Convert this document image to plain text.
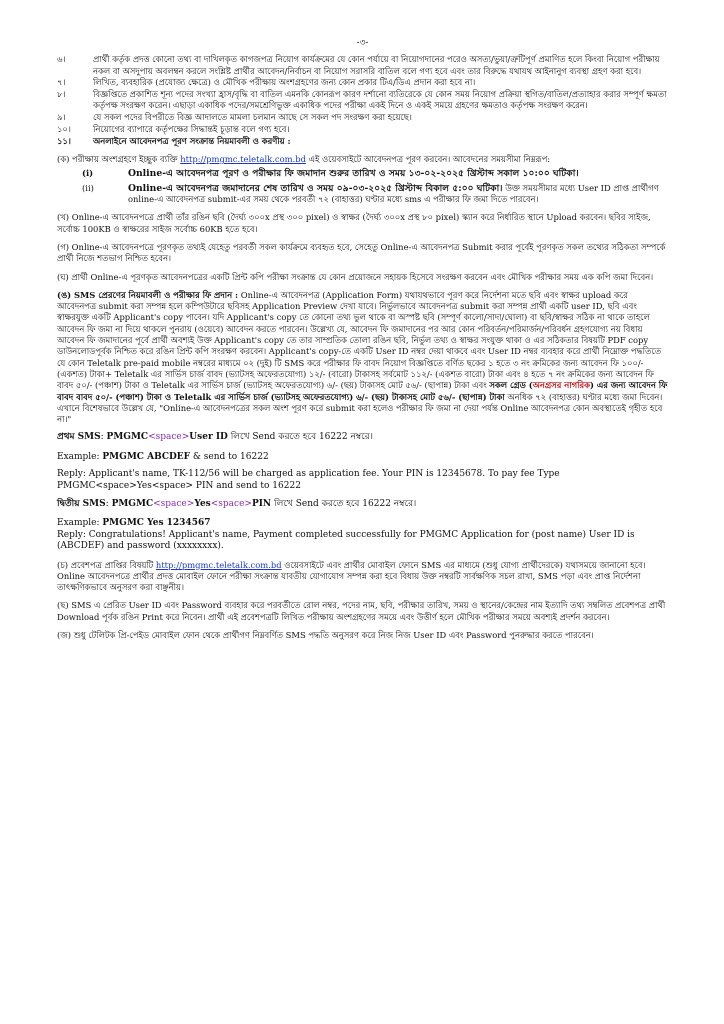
-৩-
৬।	প্রার্থী কর্তৃক প্রদত্ত কোনো তথ্য বা দাখিলকৃত কাগজপত্র নিয়োগ কার্যক্রমের যে কোন পর্যায়ে বা নিয়োগদানের পরেও অসত্য/ভুয়া/ত্রুটিপূর্ণ প্রমাণিত হলে কিংবা নিয়োগ পরীক্ষায় নকল বা অসদুপায় অবলম্বন করলে সংশ্লিষ্ট প্রার্থীর আবেদন/নির্বাচন বা নিয়োগ সরাসরি বাতিল বলে গণ্য হবে এবং তার বিরুদ্ধে যথাযথ আইনানুগ ব্যবস্থা গ্রহণ করা হবে।
৭।	লিখিত, ব্যবহারিক (প্রযোজ্য ক্ষেত্রে) ও মৌখিক পরীক্ষায় অংশগ্রহণের জন্য কোন প্রকার টিএ/ডিএ প্রদান করা হবে না।
৮।	বিজ্ঞপ্তিতে প্রকাশিত শূন্য পদের সংখ্যা হ্রাস/বৃদ্ধি বা বাতিল এমনকি কোনরূপ কারণ দর্শানো ব্যতিরেকে যে কোন সময় নিয়োগ প্রক্রিয়া স্থগিত/বাতিল/প্রত্যাহার করার সম্পূর্ণ ক্ষমতা কর্তৃপক্ষ সংরক্ষণ করেন। এছাড়া একাধিক পদের/সমশ্রেণিভুক্ত একাধিক পদের পরীক্ষা একই দিনে ও একই সময়ে গ্রহণের ক্ষমতাও কর্তৃপক্ষ সংরক্ষণ করেন।
৯।	যে সকল পদের বিপরীতে বিজ্ঞ আদালতে মামলা চলমান আছে সে সকল পদ সংরক্ষণ করা হয়েছে।
১০।	নিয়োগের ব্যাপারে কর্তৃপক্ষের সিদ্ধান্তই চূড়ান্ত বলে গণ্য হবে।
১১।	অনলাইনে আবেদনপত্র পূরণ সংক্রান্ত নিয়মাবলী ও করণীয় :

(ক) পরীক্ষায় অংশগ্রহণে ইচ্ছুক ব্যক্তি http://pmgmc.teletalk.com.bd এই ওয়েবসাইটে আবেদনপত্র পূরণ করবেন। আবেদনের সময়সীমা নিম্নরূপ:

(i)	Online-এ আবেদনপত্র পূরণ ও পরীক্ষার ফি জমাদান শুরুর তারিখ ও সময় ১৩-০২-২০২৫ খ্রিস্টাব্দ সকাল ১০:০০ ঘটিকা।
(ii)	Online-এ আবেদনপত্র জমাদানের শেষ তারিখ ও সময় ০৯-০৩-২০২৫ খ্রিস্টাব্দ বিকাল ৫:০০ ঘটিকা। উক্ত সময়সীমার মধ্যে User ID প্রাপ্ত প্রার্থীগণ online-এ আবেদনপত্র submit-এর সময় থেকে পরবর্তী ৭২ (বাহাত্তর) ঘণ্টার মধ্যে sms এ পরীক্ষার ফি জমা দিতে পারবেন।

(খ) Online-এ আবেদনপত্রে প্রার্থী তাঁর রঙিন ছবি (দৈর্ঘ্য ৩০০x প্রস্থ ৩০০ pixel) ও স্বাক্ষর (দৈর্ঘ্য ৩০০x প্রস্থ ৮০ pixel) স্ক্যান করে নির্ধারিত স্থানে Upload করবেন। ছবির সাইজ, সর্বোচ্চ 100KB ও স্বাক্ষরের সাইজ সর্বোচ্চ 60KB হতে হবে।

(গ) Online-এ আবেদনপত্রে পূরণকৃত তথ্যই যেহেতু পরবর্তী সকল কার্যক্রমে ব্যবহৃত হবে, সেহেতু Online-এ আবেদনপত্র Submit করার পূর্বেই পূরণকৃত সকল তথ্যের সঠিকতা সম্পর্কে প্রার্থী নিজে শতভাগ নিশ্চিত হবেন।

(ঘ) প্রার্থী Online-এ পূরণকৃত আবেদনপত্রের একটি প্রিন্ট কপি পরীক্ষা সংক্রান্ত যে কোন প্রয়োজনে সহায়ক হিসেবে সংরক্ষণ করবেন এবং মৌখিক পরীক্ষার সময় এক কপি জমা দিবেন।

(ঙ) SMS প্রেরণের নিয়মাবলী ও পরীক্ষার ফি প্রদান : Online-এ আবেদনপত্র (Application Form) যথাযথভাবে পূরণ করে নির্দেশনা মতে ছবি এবং স্বাক্ষর upload করে আবেদনপত্র submit করা সম্পন্ন হলে কম্পিউটারে ছবিসহ Application Preview দেখা যাবে। নির্ভুলভাবে আবেদনপত্র submit করা সম্পন্ন প্রার্থী একটি user ID, ছবি এবং স্বাক্ষরযুক্ত একটি Applicant's copy পাবেন। যদি Applicant's copy তে কোনো তথ্য ভুল থাকে বা অস্পষ্ট ছবি (সম্পূর্ণ কালো/সাদা/ঘোলা) বা ছবি/স্বাক্ষর সঠিক না থাকে তাহলে আবেদন ফি জমা না দিয়ে থাকলে পুনরায় (ওয়েবে) আবেদন করতে পারবেন। উল্লেখ্য যে, আবেদন ফি জমাদানের পর আর কোন পরিবর্তন/পরিমার্জন/পরিবর্ধন গ্রহণযোগ্য নয় বিধায় আবেদন ফি জমাদানের পূর্বে প্রার্থী অবশ্যই উক্ত Applicant's copy তে তার সাম্প্রতিক তোলা রঙিন ছবি, নির্ভুল তথ্য ও স্বাক্ষর সংযুক্ত থাকা ও এর সঠিকতার বিষয়টি PDF copy ডাউনলোডপূর্বক নিশ্চিত করে রঙিন প্রিন্ট কপি সংরক্ষণ করবেন। Applicant's copy-তে একটি User ID নম্বর দেয়া থাকবে এবং User ID নম্বর ব্যবহার করে প্রার্থী নিম্নোক্ত পদ্ধতিতে যে কোন Teletalk pre-paid mobile নম্বরের মাধ্যমে ০২ (দুই) টি SMS করে পরীক্ষার ফি বাবদ নিয়োগ বিজ্ঞপ্তিতে বর্ণিত ছকের ১ হতে ৩ নং ক্রমিকের জন্য আবেদন ফি ১০০/- (একশত) টাকা+ Teletalk এর সার্ভিস চার্জ বাবদ (ভ্যাটসহ অফেরতযোগ্য) ১২/- (বারো) টাকাসহ সর্বমোট ১১২/- (একশত বারো) টাকা এবং ৪ হতে ৭ নং ক্রমিকের জন্য আবেদন ফি বাবদ ৫০/- (পঞ্চাশ) টাকা ও Teletalk এর সার্ভিস চার্জ (ভ্যাটসহ অফেরতযোগ্য) ৬/- (ছয়) টাকাসহ মোট ৫৬/- (ছাপান্ন) টাকা এবং সকল গ্রেড (অনগ্রসর নাগরিক) এর জন্য আবেদন ফি বাবদ বাবদ ৫০/- (পঞ্চাশ) টাকা ও Teletalk এর সার্ভিস চার্জ (ভ্যাটসহ অফেরতযোগ্য) ৬/- (ছয়) টাকাসহ মোট ৫৬/- (ছাপান্ন) টাকা অনধিক ৭২ (বাহাত্তর) ঘণ্টার মধ্যে জমা দিবেন। এখানে বিশেষভাবে উল্লেখ যে, "Online-এ আবেদনপত্রের সকল অংশ পূরণ করে submit করা হলেও পরীক্ষার ফি জমা না দেয়া পর্যন্ত Online আবেদনপত্র কোন অবস্থাতেই গৃহীত হবে না।"

প্রথম SMS: PMGMC<space>User ID লিখে Send করতে হবে 16222 নম্বরে।

Example: PMGMC ABCDEF & send to 16222

Reply: Applicant's name, TK-112/56 will be charged as application fee. Your PIN is 12345678. To pay fee Type PMGMC<space>Yes<space> PIN and send to 16222

দ্বিতীয় SMS: PMGMC<space>Yes<space>PIN লিখে Send করতে হবে 16222 নম্বরে।

Example: PMGMC Yes 1234567

Reply: Congratulations! Applicant's name, Payment completed successfully for PMGMC Application for (post name) User ID is (ABCDEF) and password (xxxxxxxx).

(চ) প্রবেশপত্র প্রাপ্তির বিষয়টি http://pmgmc.teletalk.com.bd ওয়েবসাইটে এবং প্রার্থীর মোবাইল ফোনে SMS এর মাধ্যমে (শুধু যোগ্য প্রার্থীদেরকে) যথাসময়ে জানানো হবে। Online আবেদনপত্রে প্রার্থীর প্রদত্ত মোবাইল ফোনে পরীক্ষা সংক্রান্ত যাবতীয় যোগাযোগ সম্পন্ন করা হবে বিধায় উক্ত নম্বরটি সার্বক্ষণিক সচল রাখা, SMS পড়া এবং প্রাপ্ত নির্দেশনা তাৎক্ষণিকভাবে অনুসরণ করা বাঞ্ছনীয়।

(ছ) SMS এ প্রেরিত User ID এবং Password ব্যবহার করে পরবর্তীতে রোল নম্বর, পদের নাম, ছবি, পরীক্ষার তারিখ, সময় ও স্থানের/কেন্দ্রের নাম ইত্যাদি তথ্য সম্বলিত প্রবেশপত্র প্রার্থী Download পূর্বক রঙিন Print করে নিবেন। প্রার্থী এই প্রবেশপত্রটি লিখিত পরীক্ষায় অংশগ্রহণের সময়ে এবং উত্তীর্ণ হলে মৌখিক পরীক্ষার সময়ে অবশ্যই প্রদর্শন করবেন।

(জ) শুধু টেলিটক প্রি-পেইড মোবাইল ফোন থেকে প্রার্থীগণ নিম্নবর্ণিত SMS পদ্ধতি অনুসরণ করে নিজ নিজ User ID এবং Password পুনরুদ্ধার করতে পারবেন।
